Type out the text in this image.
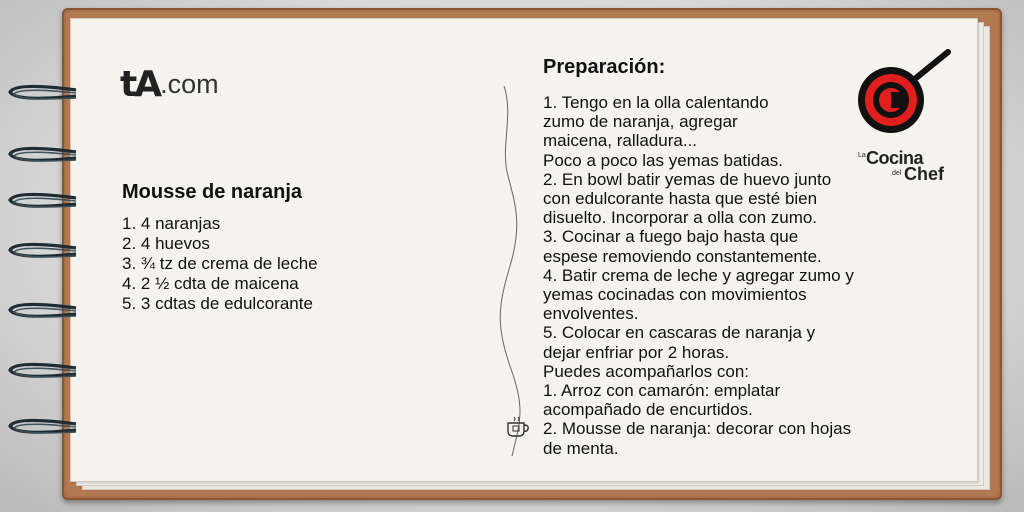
tA .com
Mousse de naranja
1. 4 naranjas
2. 4 huevos
3. ¾ tz de crema de leche
4. 2 ½ cdta de maicena
5. 3 cdtas de edulcorante
Preparación:
1. Tengo en la olla calentando
zumo de naranja, agregar
maicena, ralladura...
Poco a poco las yemas batidas.
2. En bowl batir yemas de huevo junto
con edulcorante hasta que esté bien
disuelto. Incorporar a olla con zumo.
3. Cocinar a fuego bajo hasta que
espese removiendo constantemente.
4. Batir crema de leche y agregar zumo y
yemas cocinadas con movimientos
envolventes.
5. Colocar en cascaras de naranja y
dejar enfriar por 2 horas.
Puedes acompañarlos con:
1. Arroz con camarón: emplatar
acompañado de encurtidos.
2. Mousse de naranja: decorar con hojas
de menta.
La Cocina
del Chef
